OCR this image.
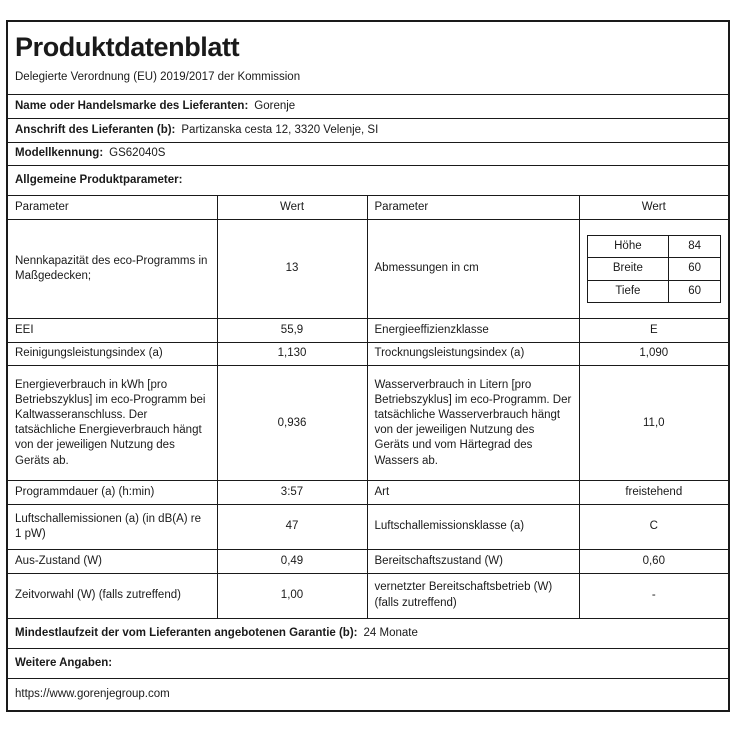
Produktdatenblatt
Delegierte Verordnung (EU) 2019/2017 der Kommission

Name oder Handelsmarke des Lieferanten: Gorenje
Anschrift des Lieferanten (b): Partizanska cesta 12, 3320 Velenje, SI
Modellkennung: GS62040S
Allgemeine Produktparameter:
Parameter	Wert	Parameter	Wert
Nennkapazität des eco-Programms in Maßgedecken;	13	Abmessungen in cm	
Höhe	84
Breite	60
Tiefe	60

EEI	55,9	Energieeffizienzklasse	E
Reinigungsleistungsindex (a)	1,130	Trocknungsleistungsindex (a)	1,090
Energieverbrauch in kWh [pro Betriebszyklus] im eco-Programm bei Kaltwasseranschluss. Der tatsächliche Energieverbrauch hängt von der jeweiligen Nutzung des Geräts ab.	0,936	Wasserverbrauch in Litern [pro Betriebszyklus] im eco-Programm. Der tatsächliche Wasserverbrauch hängt von der jeweiligen Nutzung des Geräts und vom Härtegrad des Wassers ab.	11,0
Programmdauer (a) (h:min)	3:57	Art	freistehend
Luftschallemissionen (a) (in dB(A) re 1 pW)	47	Luftschallemissionsklasse (a)	C
Aus-Zustand (W)	0,49	Bereitschaftszustand (W)	0,60
Zeitvorwahl (W) (falls zutreffend)	1,00	vernetzter Bereitschaftsbetrieb (W) (falls zutreffend)	-
Mindestlaufzeit der vom Lieferanten angebotenen Garantie (b): 24 Monate
Weitere Angaben:
https://www.gorenjegroup.com
